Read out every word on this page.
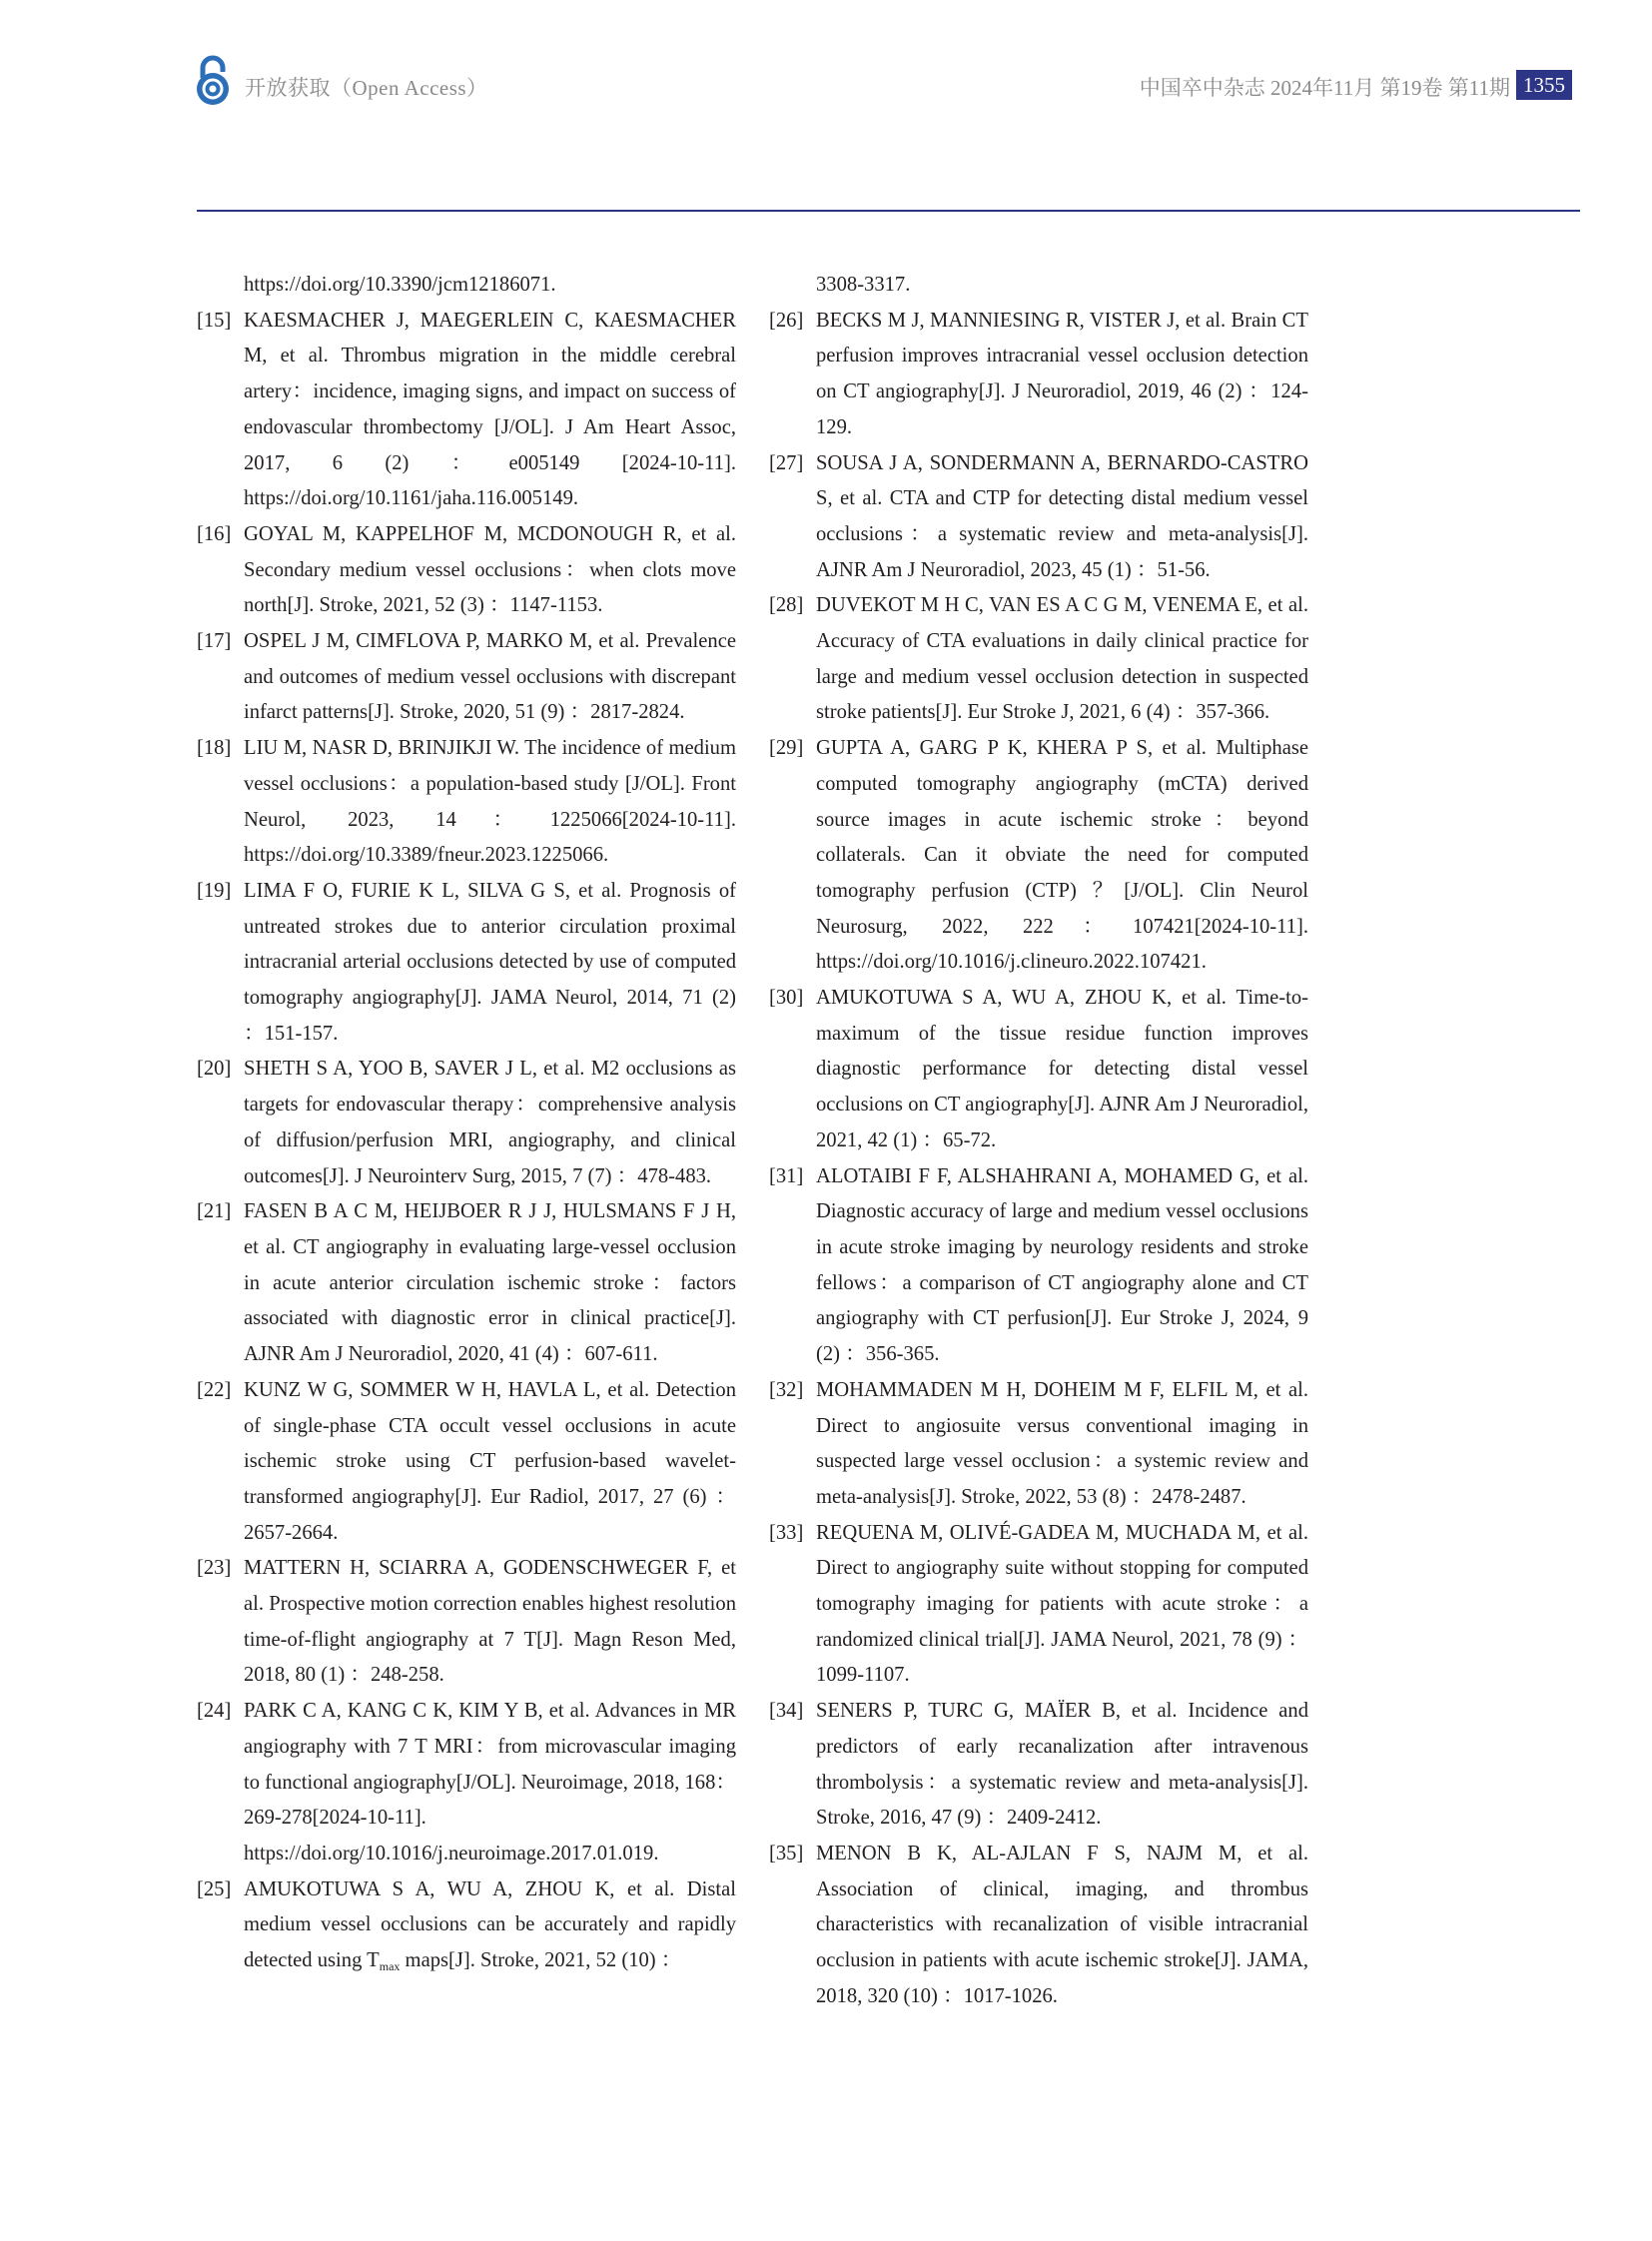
开放获取（Open Access）	中国卒中杂志 2024年11月 第19卷 第11期 1355
https://doi.org/10.3390/jcm12186071.
[15] KAESMACHER J, MAEGERLEIN C, KAESMACHER M, et al. Thrombus migration in the middle cerebral artery：incidence, imaging signs, and impact on success of endovascular thrombectomy [J/OL]. J Am Heart Assoc, 2017, 6 (2) ：e005149 [2024-10-11]. https://doi.org/10.1161/jaha.116.005149.
[16] GOYAL M, KAPPELHOF M, MCDONOUGH R, et al. Secondary medium vessel occlusions：when clots move north[J]. Stroke, 2021, 52 (3) ：1147-1153.
[17] OSPEL J M, CIMFLOVA P, MARKO M, et al. Prevalence and outcomes of medium vessel occlusions with discrepant infarct patterns[J]. Stroke, 2020, 51 (9) ：2817-2824.
[18] LIU M, NASR D, BRINJIKJI W. The incidence of medium vessel occlusions：a population-based study [J/OL]. Front Neurol, 2023, 14：1225066[2024-10-11]. https://doi.org/10.3389/fneur.2023.1225066.
[19] LIMA F O, FURIE K L, SILVA G S, et al. Prognosis of untreated strokes due to anterior circulation proximal intracranial arterial occlusions detected by use of computed tomography angiography[J]. JAMA Neurol, 2014, 71 (2) ：151-157.
[20] SHETH S A, YOO B, SAVER J L, et al. M2 occlusions as targets for endovascular therapy：comprehensive analysis of diffusion/perfusion MRI, angiography, and clinical outcomes[J]. J Neurointerv Surg, 2015, 7 (7) ：478-483.
[21] FASEN B A C M, HEIJBOER R J J, HULSMANS F J H, et al. CT angiography in evaluating large-vessel occlusion in acute anterior circulation ischemic stroke：factors associated with diagnostic error in clinical practice[J]. AJNR Am J Neuroradiol, 2020, 41 (4) ：607-611.
[22] KUNZ W G, SOMMER W H, HAVLA L, et al. Detection of single-phase CTA occult vessel occlusions in acute ischemic stroke using CT perfusion-based wavelet-transformed angiography[J]. Eur Radiol, 2017, 27 (6) ：2657-2664.
[23] MATTERN H, SCIARRA A, GODENSCHWEGER F, et al. Prospective motion correction enables highest resolution time-of-flight angiography at 7 T[J]. Magn Reson Med, 2018, 80 (1) ：248-258.
[24] PARK C A, KANG C K, KIM Y B, et al. Advances in MR angiography with 7 T MRI：from microvascular imaging to functional angiography[J/OL]. Neuroimage, 2018, 168：269-278[2024-10-11]. https://doi.org/10.1016/j.neuroimage.2017.01.019.
[25] AMUKOTUWA S A, WU A, ZHOU K, et al. Distal medium vessel occlusions can be accurately and rapidly detected using $T_{max}$ maps[J]. Stroke, 2021, 52 (10) ：
3308-3317.
[26] BECKS M J, MANNIESING R, VISTER J, et al. Brain CT perfusion improves intracranial vessel occlusion detection on CT angiography[J]. J Neuroradiol, 2019, 46 (2) ：124-129.
[27] SOUSA J A, SONDERMANN A, BERNARDO-CASTRO S, et al. CTA and CTP for detecting distal medium vessel occlusions：a systematic review and meta-analysis[J]. AJNR Am J Neuroradiol, 2023, 45 (1) ：51-56.
[28] DUVEKOT M H C, VAN ES A C G M, VENEMA E, et al. Accuracy of CTA evaluations in daily clinical practice for large and medium vessel occlusion detection in suspected stroke patients[J]. Eur Stroke J, 2021, 6 (4) ：357-366.
[29] GUPTA A, GARG P K, KHERA P S, et al. Multiphase computed tomography angiography (mCTA) derived source images in acute ischemic stroke：beyond collaterals. Can it obviate the need for computed tomography perfusion (CTP) ？[J/OL]. Clin Neurol Neurosurg, 2022, 222：107421[2024-10-11]. https://doi.org/10.1016/j.clineuro.2022.107421.
[30] AMUKOTUWA S A, WU A, ZHOU K, et al. Time-to-maximum of the tissue residue function improves diagnostic performance for detecting distal vessel occlusions on CT angiography[J]. AJNR Am J Neuroradiol, 2021, 42 (1) ：65-72.
[31] ALOTAIBI F F, ALSHAHRANI A, MOHAMED G, et al. Diagnostic accuracy of large and medium vessel occlusions in acute stroke imaging by neurology residents and stroke fellows：a comparison of CT angiography alone and CT angiography with CT perfusion[J]. Eur Stroke J, 2024, 9 (2) ：356-365.
[32] MOHAMMADEN M H, DOHEIM M F, ELFIL M, et al. Direct to angiosuite versus conventional imaging in suspected large vessel occlusion：a systemic review and meta-analysis[J]. Stroke, 2022, 53 (8) ：2478-2487.
[33] REQUENA M, OLIVÉ-GADEA M, MUCHADA M, et al. Direct to angiography suite without stopping for computed tomography imaging for patients with acute stroke：a randomized clinical trial[J]. JAMA Neurol, 2021, 78 (9) ：1099-1107.
[34] SENERS P, TURC G, MAÏER B, et al. Incidence and predictors of early recanalization after intravenous thrombolysis：a systematic review and meta-analysis[J]. Stroke, 2016, 47 (9) ：2409-2412.
[35] MENON B K, AL-AJLAN F S, NAJM M, et al. Association of clinical, imaging, and thrombus characteristics with recanalization of visible intracranial occlusion in patients with acute ischemic stroke[J]. JAMA, 2018, 320 (10) ：1017-1026.
